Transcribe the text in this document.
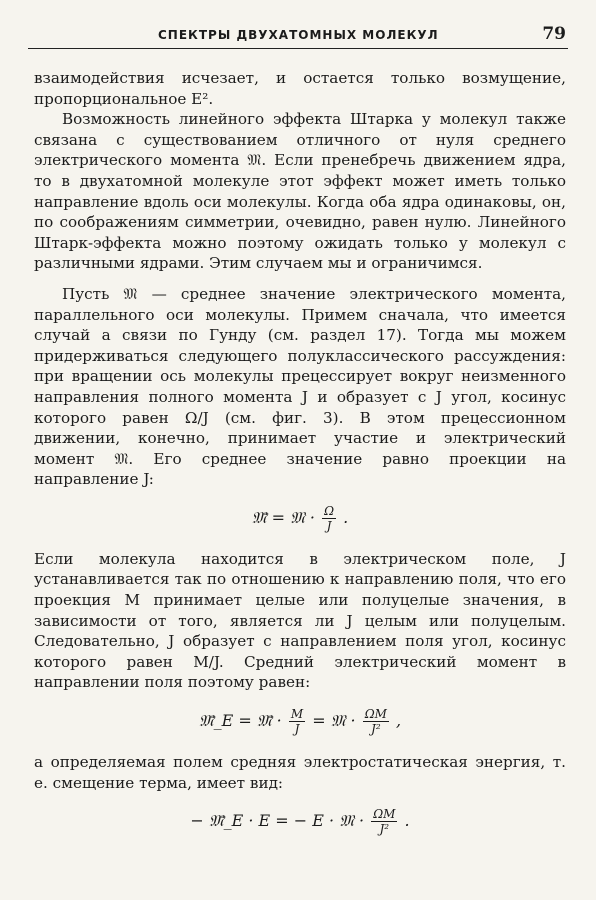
СПЕКТРЫ ДВУХАТОМНЫХ МОЛЕКУЛ	79

взаимодействия исчезает, и остается только возмущение, пропорциональное E².

Возможность линейного эффекта Штарка у молекул также связана с существованием отличного от нуля среднего электрического момента 𝔐. Если пренебречь движением ядра, то в двухатомной молекуле этот эффект может иметь только направление вдоль оси молекулы. Когда оба ядра одинаковы, он, по соображениям симметрии, очевидно, равен нулю. Линейного Штарк-эффекта можно поэтому ожидать только у молекул с различными ядрами. Этим случаем мы и ограничимся.

Пусть 𝔐 — среднее значение электрического момента, параллельного оси молекулы. Примем сначала, что имеется случай a связи по Гунду (см. раздел 17). Тогда мы можем придерживаться следующего полуклассического рассуждения: при вращении ось молекулы прецессирует вокруг неизменного направления полного момента J и образует с J угол, косинус которого равен Ω/J (см. фиг. 3). В этом прецессионном движении, конечно, принимает участие и электрический момент 𝔐. Его среднее значение равно проекции на направление J:

𝔐̄ = 𝔐 · $\frac{\Omega}{J}$ .

Если молекула находится в электрическом поле, J устанавливается так по отношению к направлению поля, что его проекция M принимает целые или полуцелые значения, в зависимости от того, является ли J целым или полуцелым. Следовательно, J образует с направлением поля угол, косинус которого равен M/J. Средний электрический момент в направлении поля поэтому равен:

𝔐̄_E = 𝔐̄ · $\frac{M}{J}$ = 𝔐 · $\frac{\Omega M}{\text{J²}}$ ,

а определяемая полем средняя электростатическая энергия, т. е. смещение терма, имеет вид:

− 𝔐̄_E · E = − E · 𝔐 · $\frac{\Omega M}{\text{J²}}$ .
